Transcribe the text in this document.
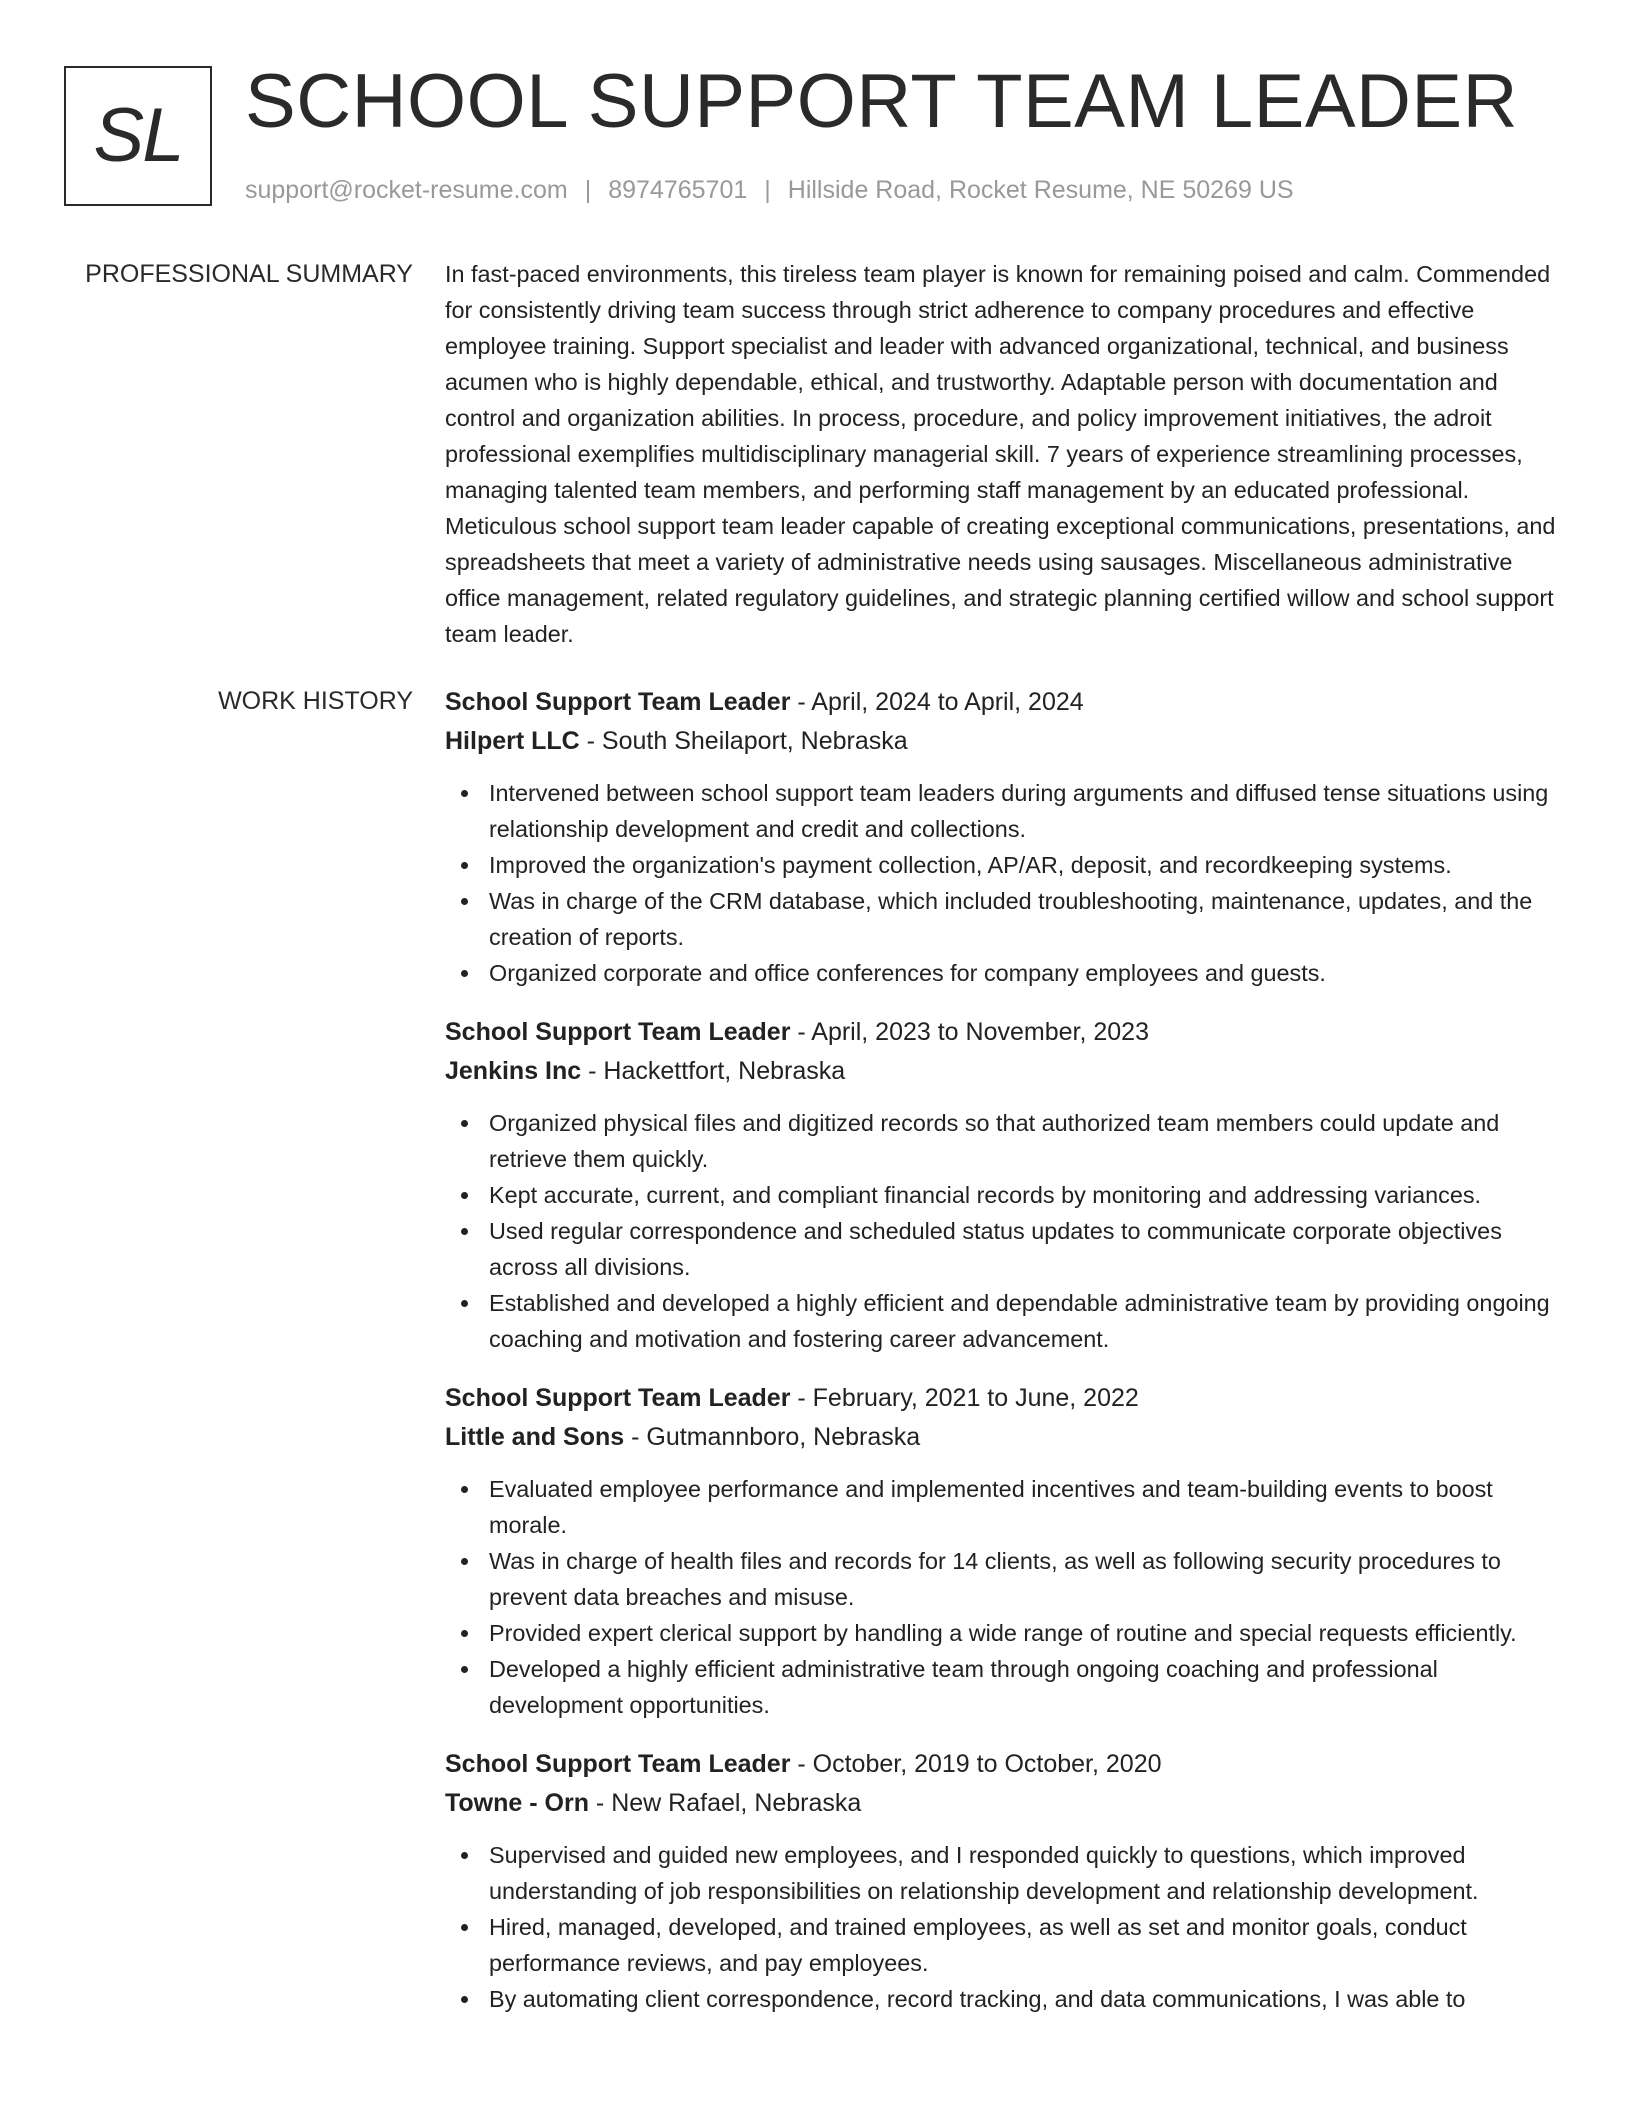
SL SCHOOL SUPPORT TEAM LEADER
support@rocket-resume.com | 8974765701 | Hillside Road, Rocket Resume, NE 50269 US
PROFESSIONAL SUMMARY In fast-paced environments, this tireless team player is known for remaining poised and calm. Commended for consistently driving team success through strict adherence to company procedures and effective employee training. Support specialist and leader with advanced organizational, technical, and business acumen who is highly dependable, ethical, and trustworthy. Adaptable person with documentation and control and organization abilities. In process, procedure, and policy improvement initiatives, the adroit professional exemplifies multidisciplinary managerial skill. 7 years of experience streamlining processes, managing talented team members, and performing staff management by an educated professional. Meticulous school support team leader capable of creating exceptional communications, presentations, and spreadsheets that meet a variety of administrative needs using sausages. Miscellaneous administrative office management, related regulatory guidelines, and strategic planning certified willow and school support team leader.

WORK HISTORY School Support Team Leader - April, 2024 to April, 2024
Hilpert LLC - South Sheilaport, Nebraska
Intervened between school support team leaders during arguments and diffused tense situations using relationship development and credit and collections.
Improved the organization's payment collection, AP/AR, deposit, and recordkeeping systems.
Was in charge of the CRM database, which included troubleshooting, maintenance, updates, and the creation of reports.
Organized corporate and office conferences for company employees and guests.
School Support Team Leader - April, 2023 to November, 2023
Jenkins Inc - Hackettfort, Nebraska
Organized physical files and digitized records so that authorized team members could update and retrieve them quickly.
Kept accurate, current, and compliant financial records by monitoring and addressing variances.
Used regular correspondence and scheduled status updates to communicate corporate objectives across all divisions.
Established and developed a highly efficient and dependable administrative team by providing ongoing coaching and motivation and fostering career advancement.
School Support Team Leader - February, 2021 to June, 2022
Little and Sons - Gutmannboro, Nebraska
Evaluated employee performance and implemented incentives and team-building events to boost morale.
Was in charge of health files and records for 14 clients, as well as following security procedures to prevent data breaches and misuse.
Provided expert clerical support by handling a wide range of routine and special requests efficiently.
Developed a highly efficient administrative team through ongoing coaching and professional development opportunities.
School Support Team Leader - October, 2019 to October, 2020
Towne - Orn - New Rafael, Nebraska
Supervised and guided new employees, and I responded quickly to questions, which improved understanding of job responsibilities on relationship development and relationship development.
Hired, managed, developed, and trained employees, as well as set and monitor goals, conduct performance reviews, and pay employees.
By automating client correspondence, record tracking, and data communications, I was able to
